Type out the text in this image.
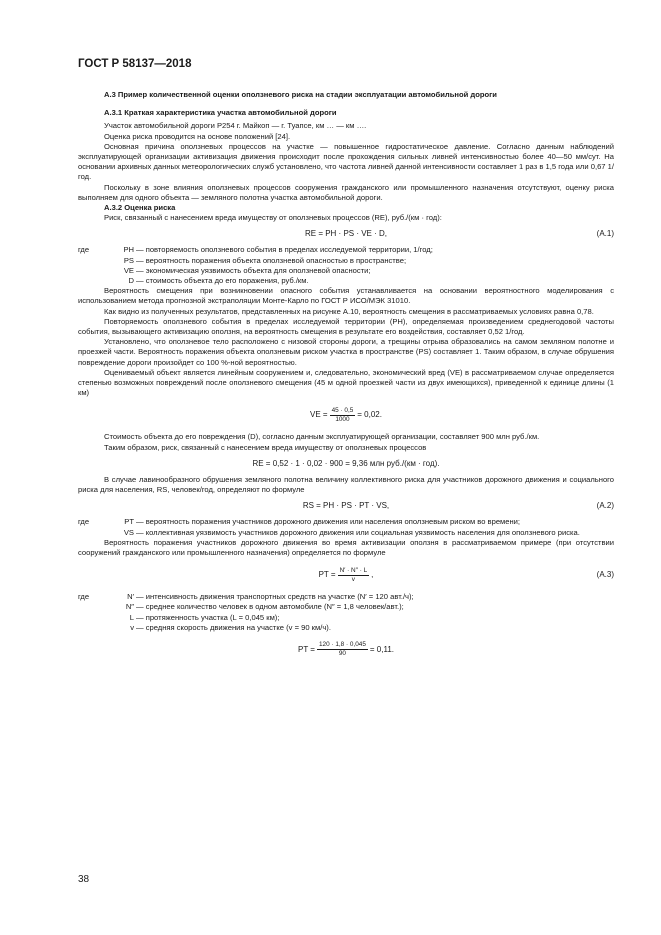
ГОСТ Р 58137—2018
А.3 Пример количественной оценки оползневого риска на стадии эксплуатации автомобильной дороги
А.3.1 Краткая характеристика участка автомобильной дороги
Участок автомобильной дороги Р254 г. Майкоп — г. Туапсе, км … — км ….
Оценка риска проводится на основе положений [24].
Основная причина оползневых процессов на участке — повышенное гидростатическое давление. Согласно данным наблюдений эксплуатирующей организации активизация движения происходит после прохождения сильных ливней интенсивностью более 40—50 мм/сут. На основании архивных данных метеорологических служб установлено, что частота ливней данной интенсивности составляет 1 раз в 1,5 года или 0,67 1/год.
Поскольку в зоне влияния оползневых процессов сооружения гражданского или промышленного назначения отсутствуют, оценку риска выполняем для одного объекта — земляного полотна участка автомобильной дороги.
А.3.2 Оценка риска
Риск, связанный с нанесением вреда имуществу от оползневых процессов (RE), руб./(км · год):
RE = PH · PS · VE · D,	(А.1)
где	PH — повторяемость оползневого события в пределах исследуемой территории, 1/год;
PS — вероятность поражения объекта оползневой опасностью в пространстве;
VE — экономическая уязвимость объекта для оползневой опасности;
D — стоимость объекта до его поражения, руб./км.
Вероятность смещения при возникновении опасного события устанавливается на основании вероятностного моделирования с использованием метода прогнозной экстраполяции Монте-Карло по ГОСТ Р ИСО/МЭК 31010.
Как видно из полученных результатов, представленных на рисунке А.10, вероятность смещения в рассматриваемых условиях равна 0,78.
Повторяемость оползневого события в пределах исследуемой территории (PH), определяемая произведением среднегодовой частоты события, вызывающего активизацию оползня, на вероятность смещения в результате его воздействия, составляет 0,52 1/год.
Установлено, что оползневое тело расположено с низовой стороны дороги, а трещины отрыва образовались на самом земляном полотне и проезжей части. Вероятность поражения объекта оползневым риском участка в пространстве (PS) составляет 1. Таким образом, в случае обрушения повреждение дороги произойдет со 100 %-ной вероятностью.
Оцениваемый объект является линейным сооружением и, следовательно, экономический вред (VE) в рассматриваемом случае определяется степенью возможных повреждений после оползневого смещения (45 м одной проезжей части из двух имеющихся), приведенной к единице длины (1 км)
VE = $\frac{45 \cdot 0,5}{1000} = 0,02$.
Стоимость объекта до его повреждения (D), согласно данным эксплуатирующей организации, составляет 900 млн руб./км.
Таким образом, риск, связанный с нанесением вреда имуществу от оползневых процессов
RE = 0,52 · 1 · 0,02 · 900 = 9,36 млн руб./(км · год).
В случае лавинообразного обрушения земляного полотна величину коллективного риска для участников дорожного движения и социального риска для населения, RS, человек/год, определяют по формуле
RS = PH · PS · PT · VS,	(А.2)
где	PT — вероятность поражения участников дорожного движения или населения оползневым риском во времени;
VS — коллективная уязвимость участников дорожного движения или социальная уязвимость населения для оползневого риска.
Вероятность поражения участников дорожного движения во время активизации оползня в рассматриваемом примере (при отсутствии сооружений гражданского или промышленного назначения) определяется по формуле
PT = $\frac{N' \cdot N'' \cdot L}{v}$ ,	(А.3)
где	N′ — интенсивность движения транспортных средств на участке (N′ = 120 авт./ч);
N″ — среднее количество человек в одном автомобиле (N″ = 1,8 человек/авт.);
L — протяженность участка (L = 0,045 км);
v — средняя скорость движения на участке (v = 90 км/ч).
PT = $\frac{120 \cdot 1,8 \cdot 0,045}{90} = 0,11$.
38
